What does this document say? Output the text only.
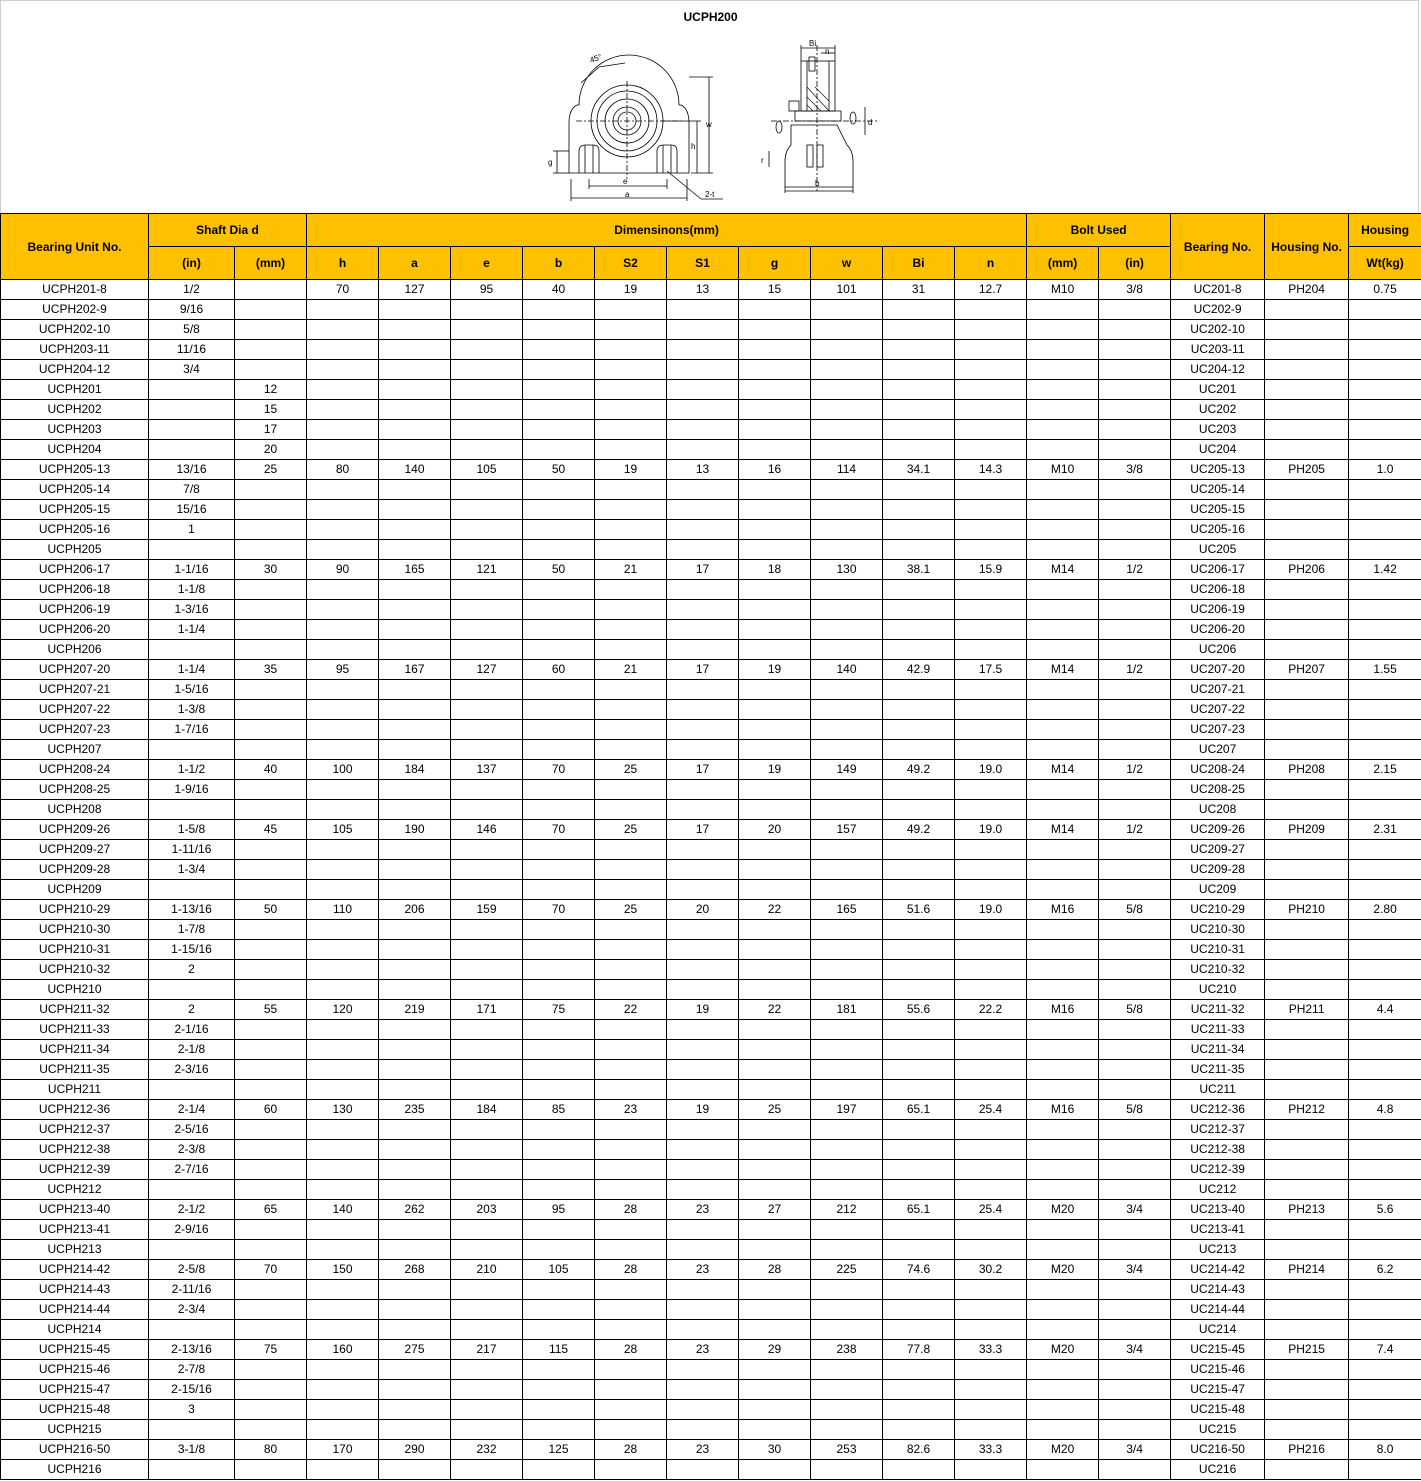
UCPH200
45°
w
h
g
e
a	2-t
Bi
n
d
r
b
Bearing Unit No.	Shaft Dia d		Dimensinons(mm)										Bolt Used		Bearing No.	Housing No.	Housing
	(in)	(mm)	h	a	e	b	S2	S1	g	w	Bi	n	(mm)	(in)			Wt(kg)
UCPH201-8	1/2		70	127	95	40	19	13	15	101	31	12.7	M10	3/8	UC201-8	PH204	0.75
UCPH202-9	9/16														UC202-9		
UCPH202-10	5/8														UC202-10		
UCPH203-11	11/16														UC203-11		
UCPH204-12	3/4														UC204-12		
UCPH201		12													UC201		
UCPH202		15													UC202		
UCPH203		17													UC203		
UCPH204		20													UC204		
UCPH205-13	13/16	25	80	140	105	50	19	13	16	114	34.1	14.3	M10	3/8	UC205-13	PH205	1.0
UCPH205-14	7/8														UC205-14		
UCPH205-15	15/16														UC205-15		
UCPH205-16	1														UC205-16		
UCPH205															UC205		
UCPH206-17	1-1/16	30	90	165	121	50	21	17	18	130	38.1	15.9	M14	1/2	UC206-17	PH206	1.42
UCPH206-18	1-1/8														UC206-18		
UCPH206-19	1-3/16														UC206-19		
UCPH206-20	1-1/4														UC206-20		
UCPH206															UC206		
UCPH207-20	1-1/4	35	95	167	127	60	21	17	19	140	42.9	17.5	M14	1/2	UC207-20	PH207	1.55
UCPH207-21	1-5/16														UC207-21		
UCPH207-22	1-3/8														UC207-22		
UCPH207-23	1-7/16														UC207-23		
UCPH207															UC207		
UCPH208-24	1-1/2	40	100	184	137	70	25	17	19	149	49.2	19.0	M14	1/2	UC208-24	PH208	2.15
UCPH208-25	1-9/16														UC208-25		
UCPH208															UC208		
UCPH209-26	1-5/8	45	105	190	146	70	25	17	20	157	49.2	19.0	M14	1/2	UC209-26	PH209	2.31
UCPH209-27	1-11/16														UC209-27		
UCPH209-28	1-3/4														UC209-28		
UCPH209															UC209		
UCPH210-29	1-13/16	50	110	206	159	70	25	20	22	165	51.6	19.0	M16	5/8	UC210-29	PH210	2.80
UCPH210-30	1-7/8														UC210-30		
UCPH210-31	1-15/16														UC210-31		
UCPH210-32	2														UC210-32		
UCPH210															UC210		
UCPH211-32	2	55	120	219	171	75	22	19	22	181	55.6	22.2	M16	5/8	UC211-32	PH211	4.4
UCPH211-33	2-1/16														UC211-33		
UCPH211-34	2-1/8														UC211-34		
UCPH211-35	2-3/16														UC211-35		
UCPH211															UC211		
UCPH212-36	2-1/4	60	130	235	184	85	23	19	25	197	65.1	25.4	M16	5/8	UC212-36	PH212	4.8
UCPH212-37	2-5/16														UC212-37		
UCPH212-38	2-3/8														UC212-38		
UCPH212-39	2-7/16														UC212-39		
UCPH212															UC212		
UCPH213-40	2-1/2	65	140	262	203	95	28	23	27	212	65.1	25.4	M20	3/4	UC213-40	PH213	5.6
UCPH213-41	2-9/16														UC213-41		
UCPH213															UC213		
UCPH214-42	2-5/8	70	150	268	210	105	28	23	28	225	74.6	30.2	M20	3/4	UC214-42	PH214	6.2
UCPH214-43	2-11/16														UC214-43		
UCPH214-44	2-3/4														UC214-44		
UCPH214															UC214		
UCPH215-45	2-13/16	75	160	275	217	115	28	23	29	238	77.8	33.3	M20	3/4	UC215-45	PH215	7.4
UCPH215-46	2-7/8														UC215-46		
UCPH215-47	2-15/16														UC215-47		
UCPH215-48	3														UC215-48		
UCPH215															UC215		
UCPH216-50	3-1/8	80	170	290	232	125	28	23	30	253	82.6	33.3	M20	3/4	UC216-50	PH216	8.0
UCPH216															UC216		
